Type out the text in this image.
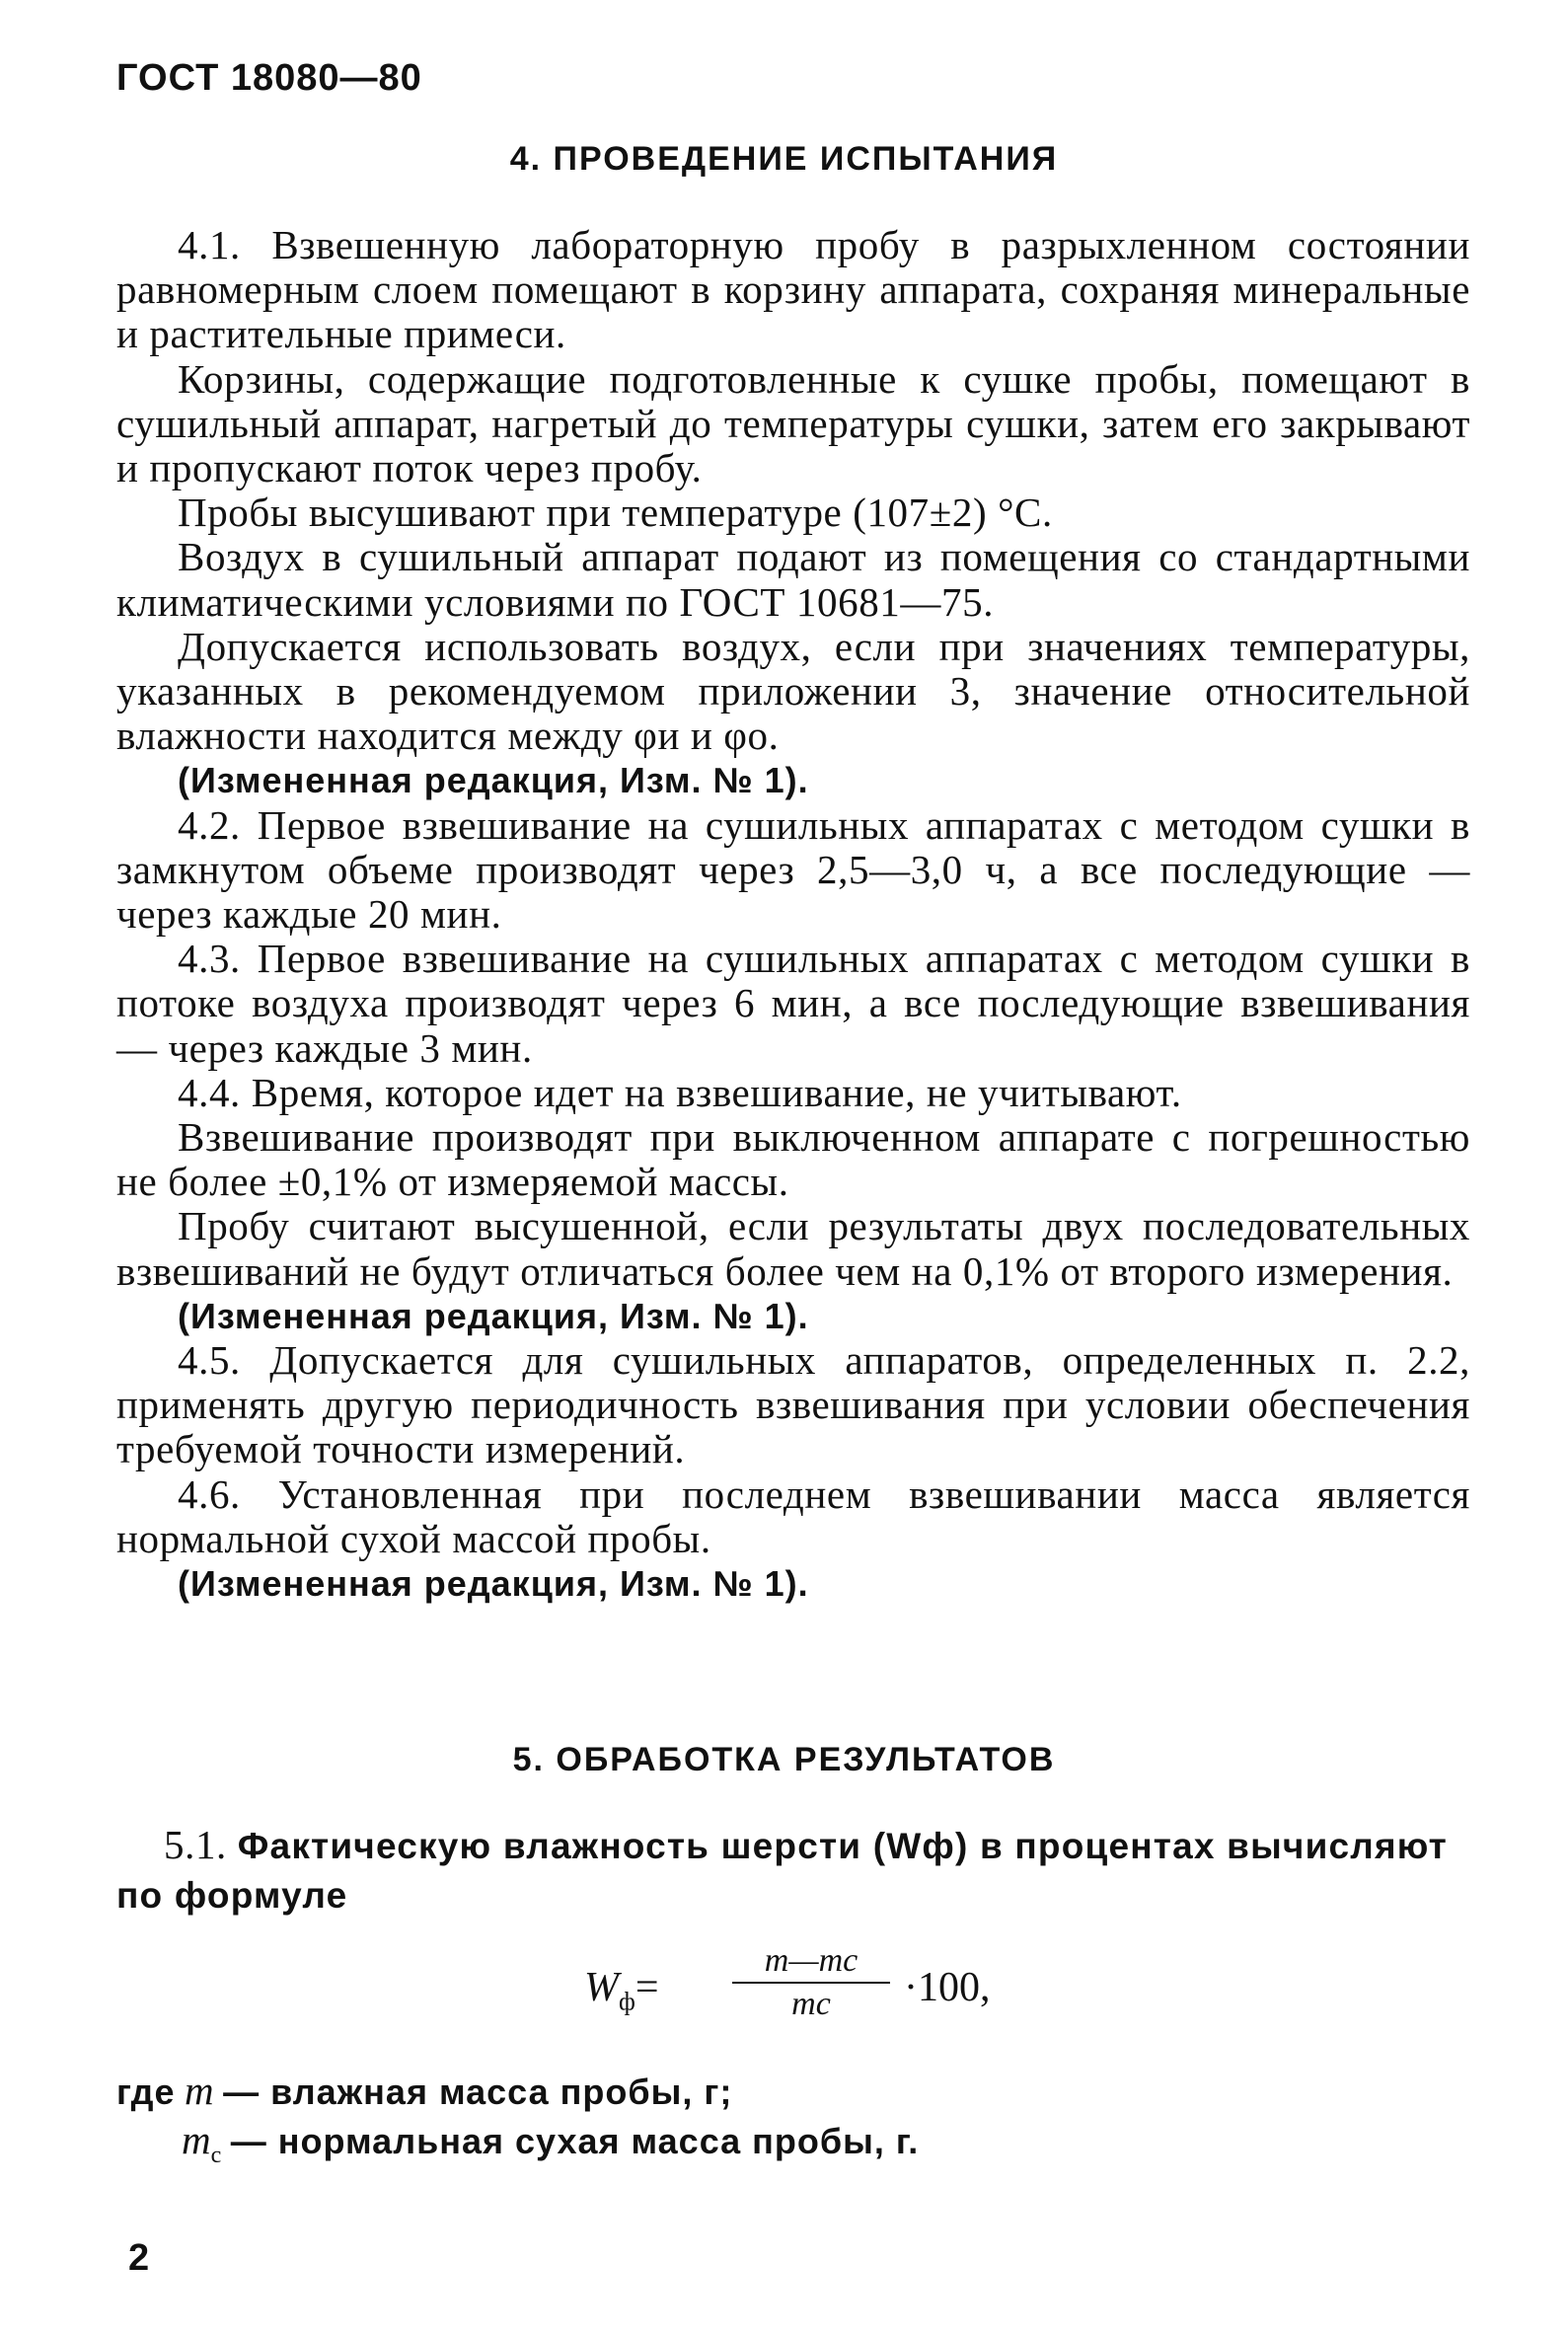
ГОСТ 18080—80
4. ПРОВЕДЕНИЕ ИСПЫТАНИЯ

4.1. Взвешенную лабораторную пробу в разрыхленном состоянии равномерным слоем помещают в корзину аппарата, сохраняя минеральные и растительные примеси.

Корзины, содержащие подготовленные к сушке пробы, помещают в сушильный аппарат, нагретый до температуры сушки, затем его закрывают и пропускают поток через пробу.

Пробы высушивают при температуре (107±2) °С.

Воздух в сушильный аппарат подают из помещения со стандартными климатическими условиями по ГОСТ 10681—75.

Допускается использовать воздух, если при значениях температуры, указанных в рекомендуемом приложении 3, значение относительной влажности находится между φи и φо.

(Измененная редакция, Изм. № 1).

4.2. Первое взвешивание на сушильных аппаратах с методом сушки в замкнутом объеме производят через 2,5—3,0 ч, а все последующие — через каждые 20 мин.

4.3. Первое взвешивание на сушильных аппаратах с методом сушки в потоке воздуха производят через 6 мин, а все последующие взвешивания — через каждые 3 мин.

4.4. Время, которое идет на взвешивание, не учитывают.

Взвешивание производят при выключенном аппарате с погрешностью не более ±0,1% от измеряемой массы.

Пробу считают высушенной, если результаты двух последовательных взвешиваний не будут отличаться более чем на 0,1% от второго измерения.

(Измененная редакция, Изм. № 1).

4.5. Допускается для сушильных аппаратов, определенных п. 2.2, применять другую периодичность взвешивания при условии обеспечения требуемой точности измерений.

4.6. Установленная при последнем взвешивании масса является нормальной сухой массой пробы.

(Измененная редакция, Изм. № 1).

5. ОБРАБОТКА РЕЗУЛЬТАТОВ

5.1. Фактическую влажность шерсти (Wф) в процентах вычисляют по формуле

$W_ф=$
m—mс
mс	·100,
где m — влажная масса пробы, г;
$m_с$ — нормальная сухая масса пробы, г.
2
